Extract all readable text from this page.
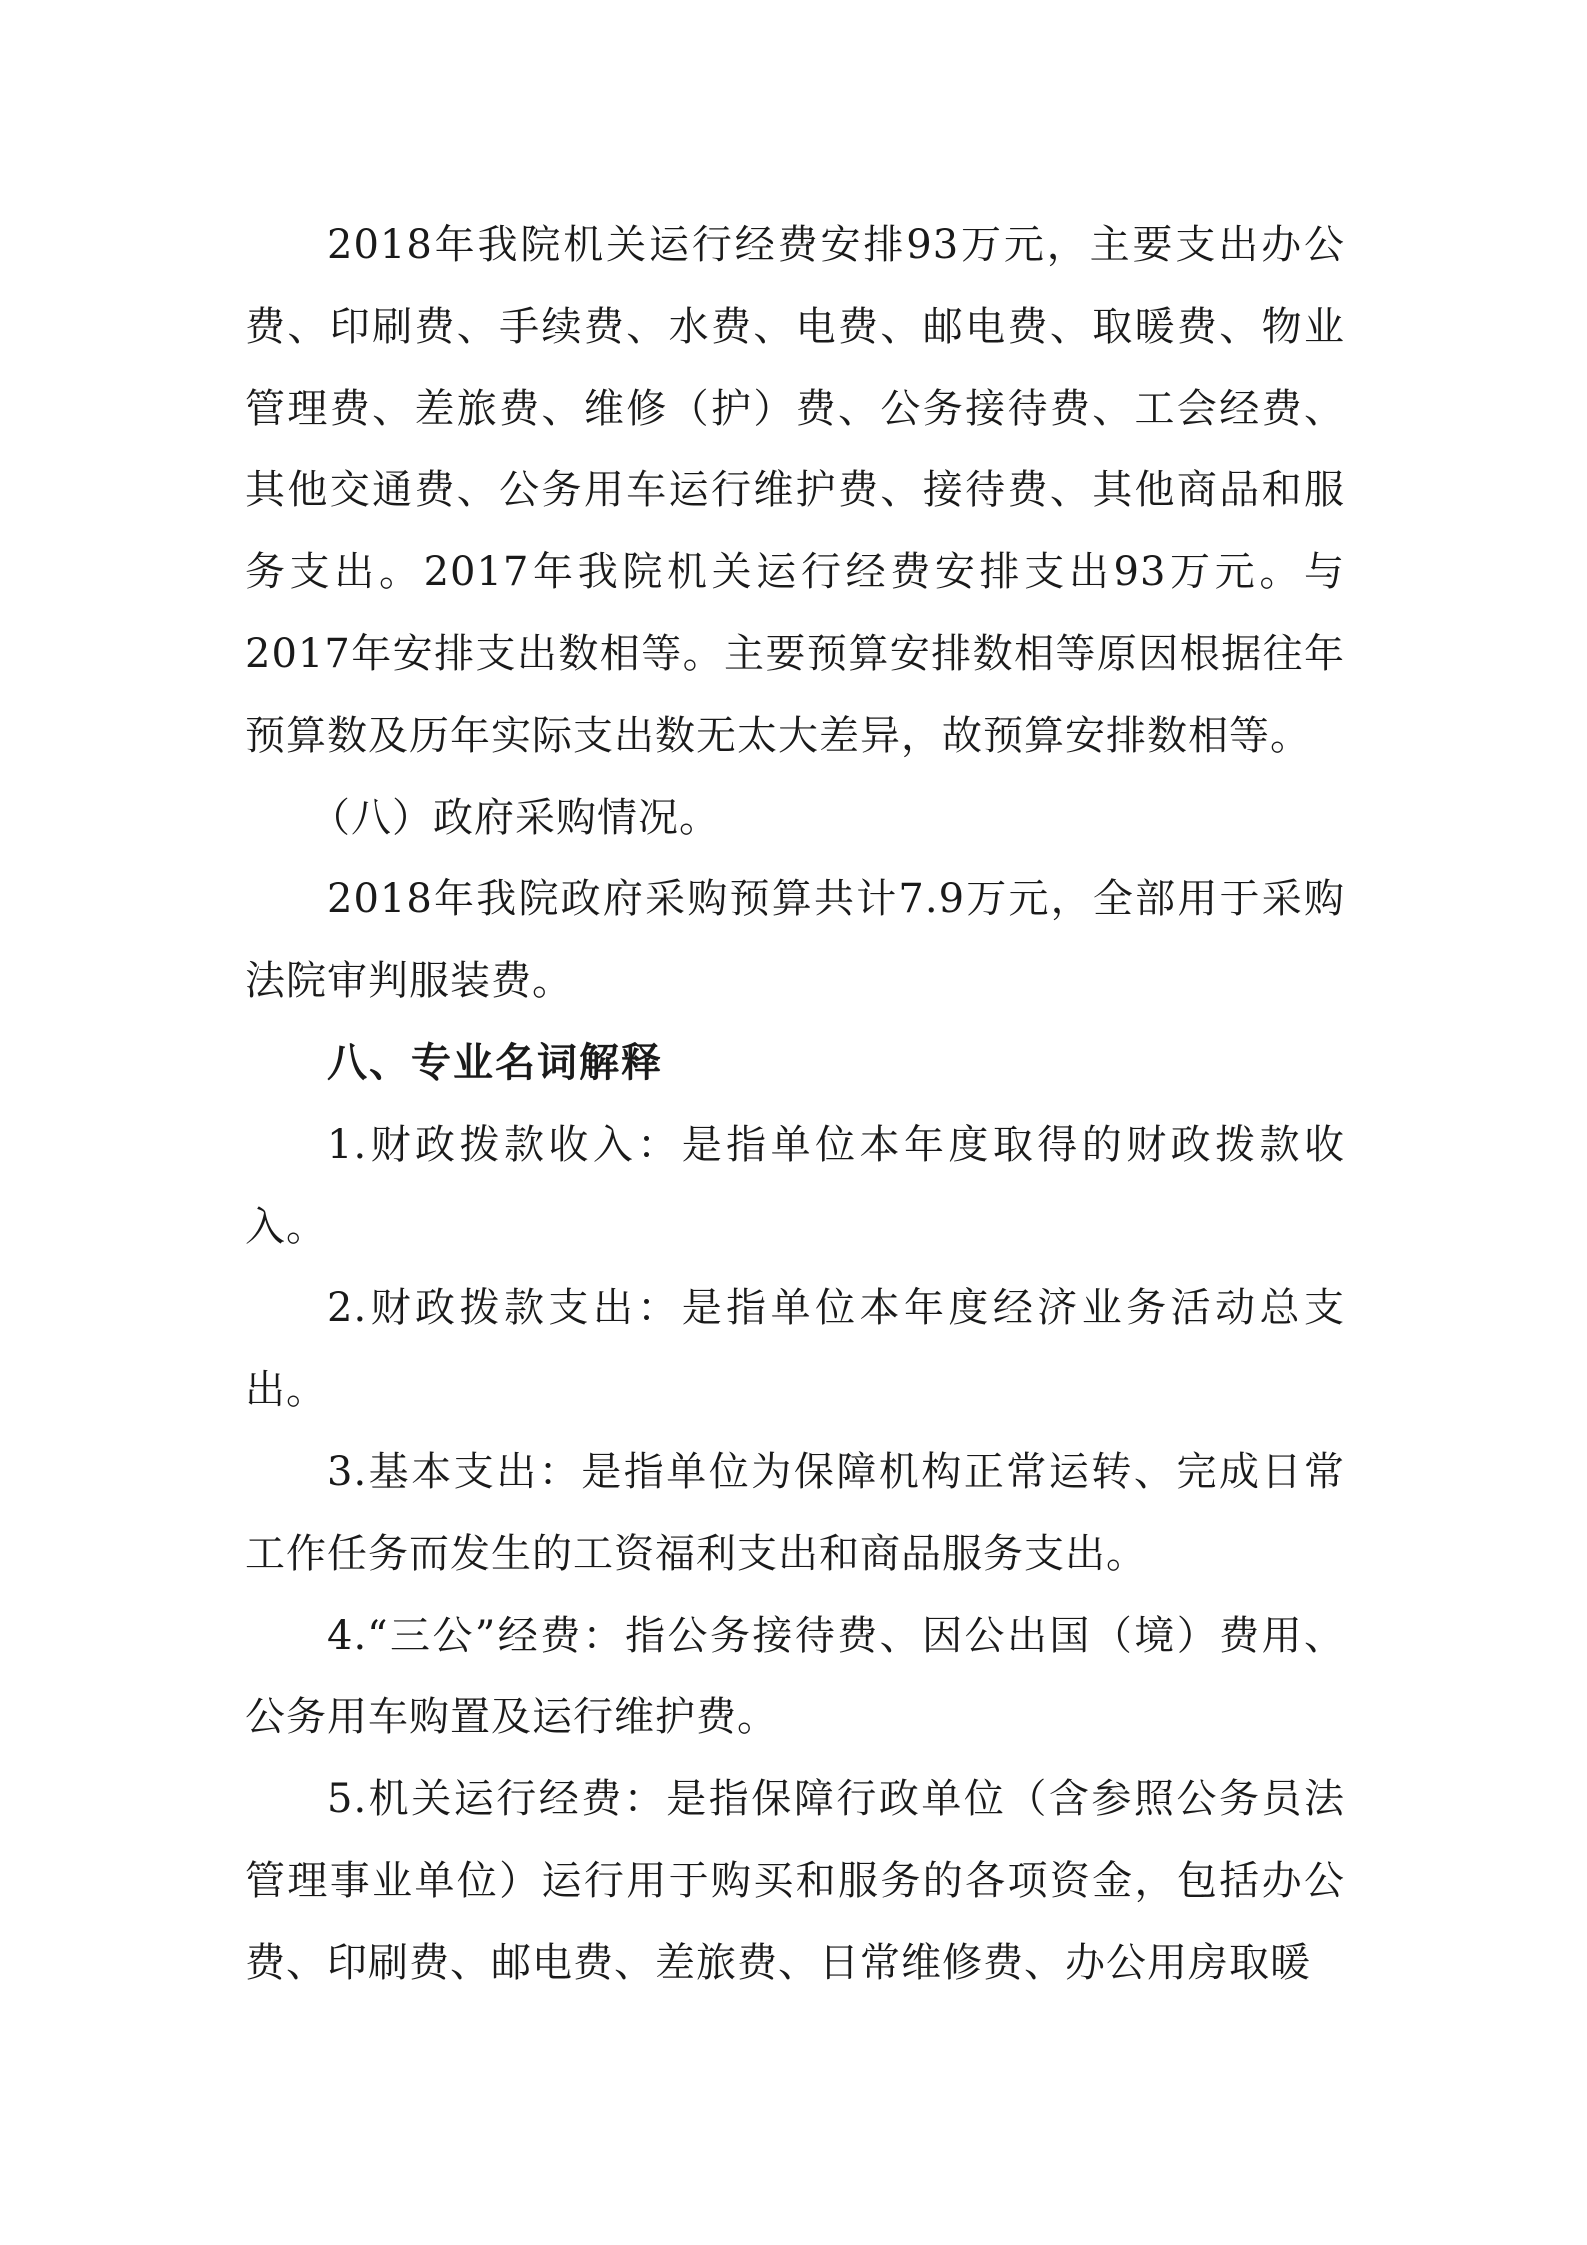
2018年我院机关运行经费安排93万元，主要支出办公费、印刷费、手续费、水费、电费、邮电费、取暖费、物业管理费、差旅费、维修（护）费、公务接待费、工会经费、其他交通费、公务用车运行维护费、接待费、其他商品和服务支出。2017年我院机关运行经费安排支出93万元。与2017年安排支出数相等。主要预算安排数相等原因根据往年预算数及历年实际支出数无太大差异，故预算安排数相等。

（八）政府采购情况。

2018年我院政府采购预算共计7.9万元，全部用于采购法院审判服装费。

八、专业名词解释

1.财政拨款收入：是指单位本年度取得的财政拨款收入。

2.财政拨款支出：是指单位本年度经济业务活动总支出。

3.基本支出：是指单位为保障机构正常运转、完成日常工作任务而发生的工资福利支出和商品服务支出。

4.“三公”经费：指公务接待费、因公出国（境）费用、公务用车购置及运行维护费。

5.机关运行经费：是指保障行政单位（含参照公务员法管理事业单位）运行用于购买和服务的各项资金，包括办公费、印刷费、邮电费、差旅费、日常维修费、办公用房取暖
